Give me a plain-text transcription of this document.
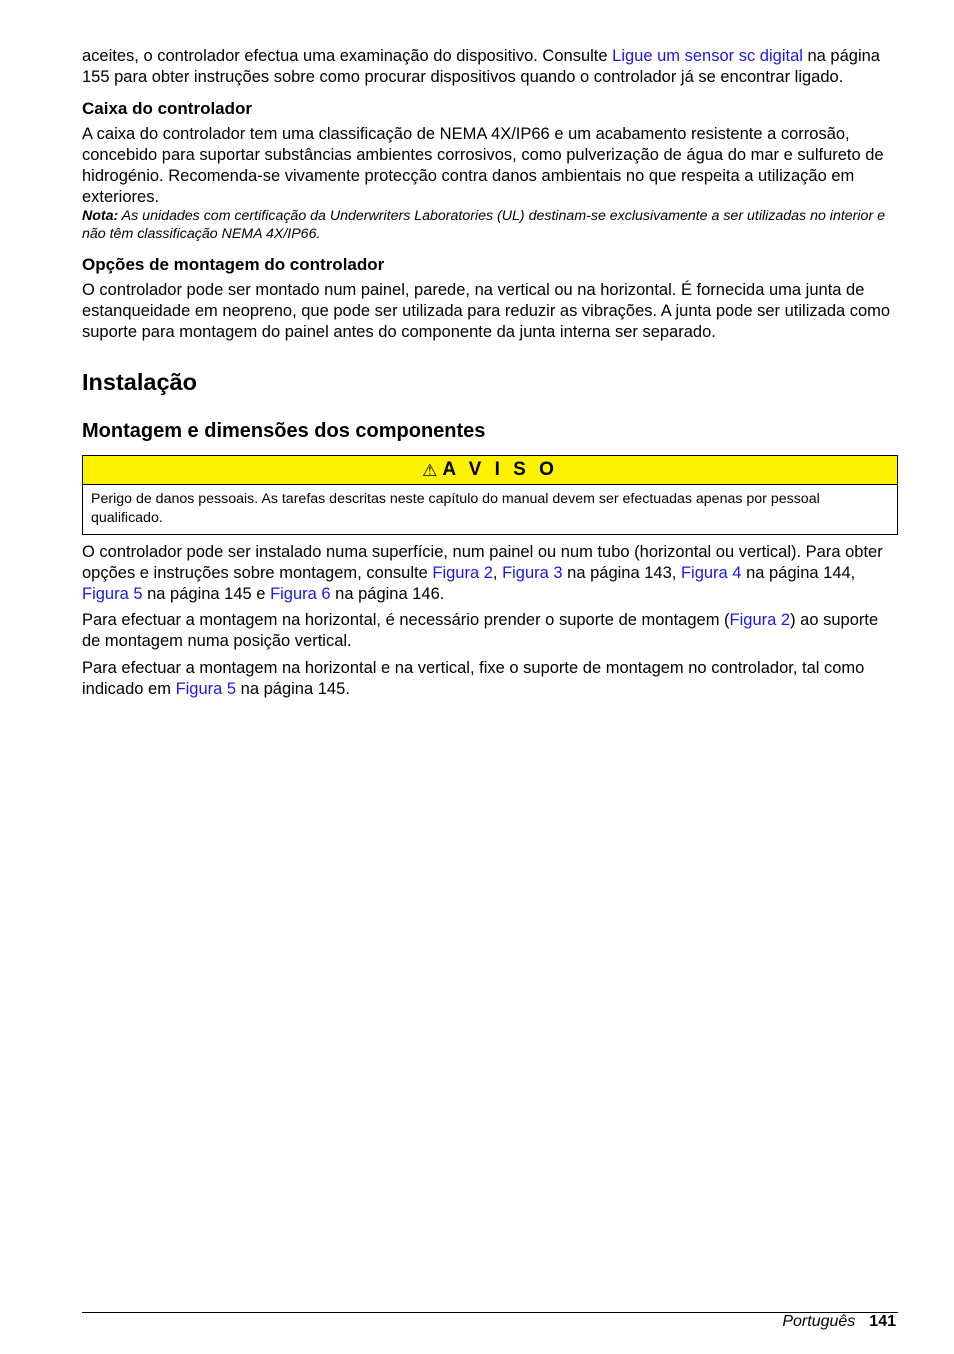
aceites, o controlador efectua uma examinação do dispositivo. Consulte Ligue um sensor sc digital na página 155 para obter instruções sobre como procurar dispositivos quando o controlador já se encontrar ligado.

Caixa do controlador

A caixa do controlador tem uma classificação de NEMA 4X/IP66 e um acabamento resistente a corrosão, concebido para suportar substâncias ambientes corrosivos, como pulverização de água do mar e sulfureto de hidrogénio. Recomenda-se vivamente protecção contra danos ambientais no que respeita a utilização em exteriores.

Nota: As unidades com certificação da Underwriters Laboratories (UL) destinam-se exclusivamente a ser utilizadas no interior e não têm classificação NEMA 4X/IP66.

Opções de montagem do controlador

O controlador pode ser montado num painel, parede, na vertical ou na horizontal. É fornecida uma junta de estanqueidade em neopreno, que pode ser utilizada para reduzir as vibrações. A junta pode ser utilizada como suporte para montagem do painel antes do componente da junta interna ser separado.

Instalação
Montagem e dimensões dos componentes
⚠ A V I S O
Perigo de danos pessoais. As tarefas descritas neste capítulo do manual devem ser efectuadas apenas por pessoal qualificado.

O controlador pode ser instalado numa superfície, num painel ou num tubo (horizontal ou vertical). Para obter opções e instruções sobre montagem, consulte Figura 2, Figura 3 na página 143, Figura 4 na página 144, Figura 5 na página 145 e Figura 6 na página 146.

Para efectuar a montagem na horizontal, é necessário prender o suporte de montagem (Figura 2) ao suporte de montagem numa posição vertical.

Para efectuar a montagem na horizontal e na vertical, fixe o suporte de montagem no controlador, tal como indicado em Figura 5 na página 145.

Português 141
